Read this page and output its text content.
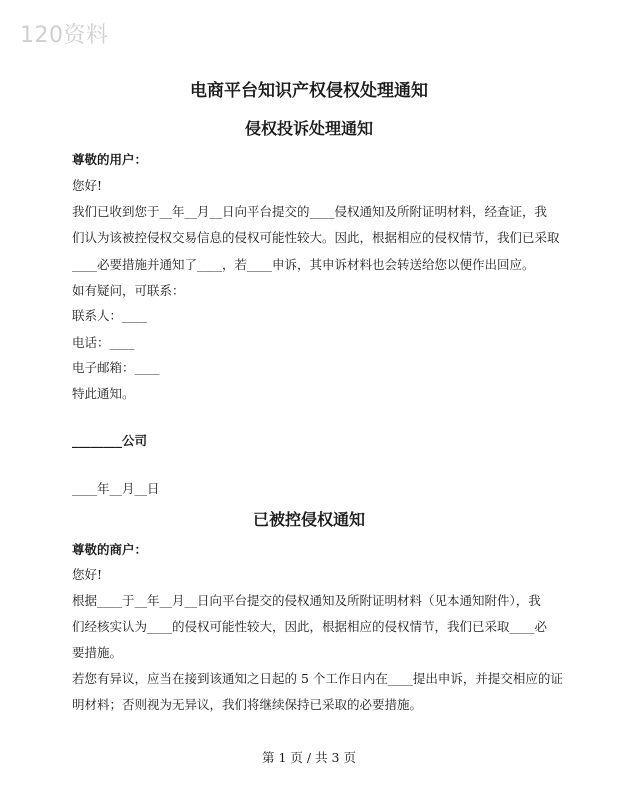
120资料
电商平台知识产权侵权处理通知
侵权投诉处理通知
尊敬的用户：
您好!
我们已收到您于__年__月__日向平台提交的____侵权通知及所附证明材料，经查证，我
们认为该被控侵权交易信息的侵权可能性较大。因此，根据相应的侵权情节，我们已采取
____必要措施并通知了____，若____申诉，其申诉材料也会转送给您以便作出回应。
如有疑问，可联系：
联系人：____
电话：____
电子邮箱：____
特此通知。
________公司
____年__月__日
已被控侵权通知
尊敬的商户：
您好!
根据____于__年__月__日向平台提交的侵权通知及所附证明材料（见本通知附件），我
们经核实认为____的侵权可能性较大，因此，根据相应的侵权情节，我们已采取____必
要措施。
若您有异议，应当在接到该通知之日起的 5 个工作日内在____提出申诉，并提交相应的证
明材料；否则视为无异议，我们将继续保持已采取的必要措施。
第 1 页 / 共 3 页
